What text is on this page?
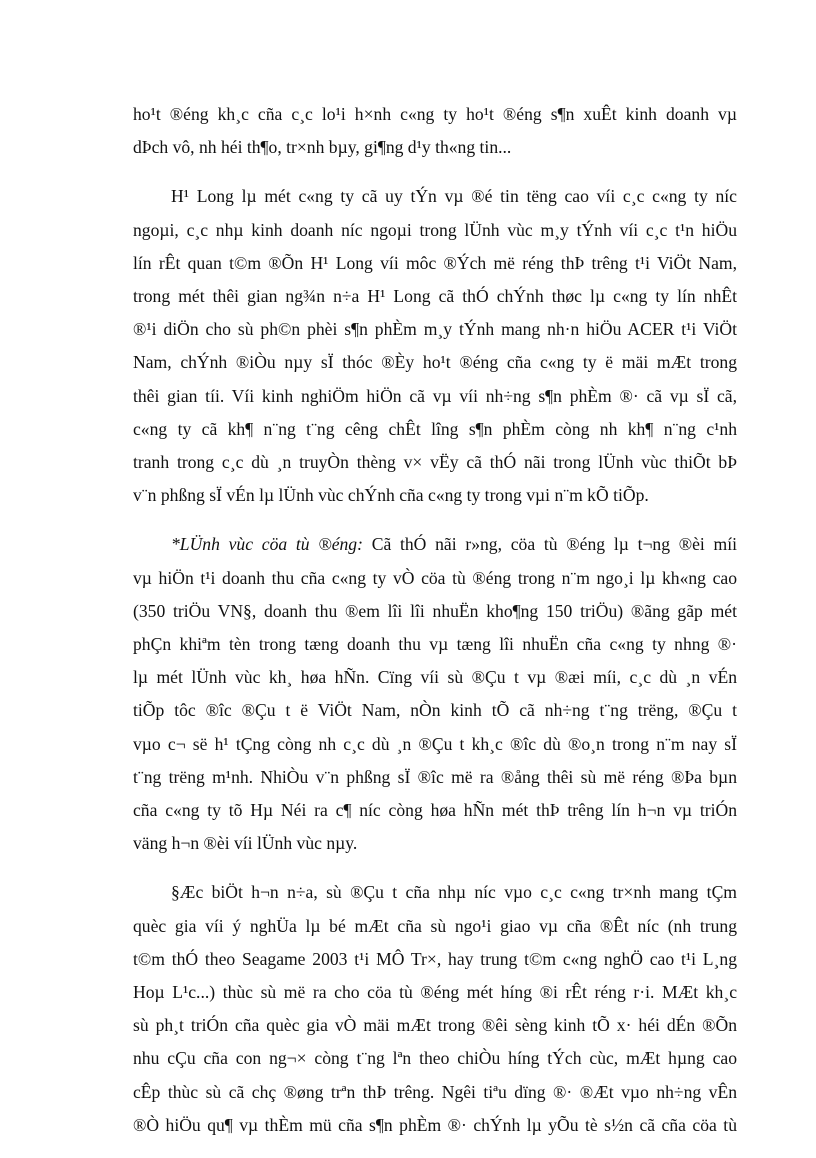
ho¹t ®éng kh¸c cña c¸c lo¹i h×nh c«ng ty ho¹t ®éng s¶n xuÊt kinh doanh vµ
dÞch vô, nh héi th¶o, tr×nh bµy, gi¶ng d¹y th«ng tin...
H¹ Long lµ mét c«ng ty cã uy tÝn vµ ®é tin tëng cao víi c¸c c«ng ty níc
ngoµi, c¸c nhµ kinh doanh níc ngoµi trong lÜnh vùc m¸y tÝnh víi c¸c t¹n hiÖu
lín rÊt quan t©m ®Õn H¹ Long víi môc ®Ých më réng thÞ trêng t¹i ViÖt Nam,
trong mét thêi gian ng¾n n÷a H¹ Long cã thÓ chÝnh thøc lµ c«ng ty lín nhÊt
®¹i diÖn cho sù ph©n phèi s¶n phÈm m¸y tÝnh mang nh·n hiÖu ACER t¹i ViÖt
Nam, chÝnh ®iÒu nµy sÏ thóc ®Èy ho¹t ®éng cña c«ng ty ë mäi mÆt trong
thêi gian tíi. Víi kinh nghiÖm hiÖn cã vµ víi nh÷ng s¶n phÈm ®· cã vµ sÏ cã,
c«ng ty cã kh¶ n¨ng t¨ng cêng chÊt lîng s¶n phÈm còng nh kh¶ n¨ng c¹nh
tranh trong c¸c dù ¸n truyÒn thèng v× vËy cã thÓ nãi trong lÜnh vùc thiÕt bÞ
v¨n phßng sÏ vÉn lµ lÜnh vùc chÝnh cña c«ng ty trong vµi n¨m kÕ tiÕp.
*LÜnh vùc cöa tù ®éng: Cã thÓ nãi r»ng, cöa tù ®éng lµ t¬ng ®èi míi
vµ hiÖn t¹i doanh thu cña c«ng ty vÒ cöa tù ®éng trong n¨m ngo¸i lµ kh«ng cao
(350 triÖu VN§, doanh thu ®em lîi lîi nhuËn kho¶ng 150 triÖu) ®ãng gãp mét
phÇn khiªm tèn trong tæng doanh thu vµ tæng lîi nhuËn cña c«ng ty nhng ®·
lµ mét lÜnh vùc kh¸ høa hÑn. Cïng víi sù ®Çu t vµ ®æi míi, c¸c dù ¸n vÉn
tiÕp tôc ®îc ®Çu t ë ViÖt Nam, nÒn kinh tÕ cã nh÷ng t¨ng trëng, ®Çu t
vµo c¬ së h¹ tÇng còng nh c¸c dù ¸n ®Çu t kh¸c ®îc dù ®o¸n trong n¨m nay sÏ
t¨ng trëng m¹nh. NhiÒu v¨n phßng sÏ ®îc më ra ®ång thêi sù më réng ®Þa bµn
cña c«ng ty tõ Hµ Néi ra c¶ níc còng høa hÑn mét thÞ trêng lín h¬n vµ triÓn
väng h¬n ®èi víi lÜnh vùc nµy.
§Æc biÖt h¬n n÷a, sù ®Çu t cña nhµ níc vµo c¸c c«ng tr×nh mang tÇm
quèc gia víi ý nghÜa lµ bé mÆt cña sù ngo¹i giao vµ cña ®Êt níc (nh trung
t©m thÓ theo Seagame 2003 t¹i MÔ Tr×, hay trung t©m c«ng nghÖ cao t¹i L¸ng
Hoµ L¹c...) thùc sù më ra cho cöa tù ®éng mét híng ®i rÊt réng r·i. MÆt kh¸c
sù ph¸t triÓn cña quèc gia vÒ mäi mÆt trong ®êi sèng kinh tÕ x· héi dÉn ®Õn
nhu cÇu cña con ng¬× còng t¨ng lªn theo chiÒu híng tÝch cùc, mÆt hµng cao
cÊp thùc sù cã chç ®øng trªn thÞ trêng. Ngêi tiªu dïng ®· ®Æt vµo nh÷ng vÊn
®Ò hiÖu qu¶ vµ thÈm mü cña s¶n phÈm ®· chÝnh lµ yÕu tè s½n cã cña cöa tù
